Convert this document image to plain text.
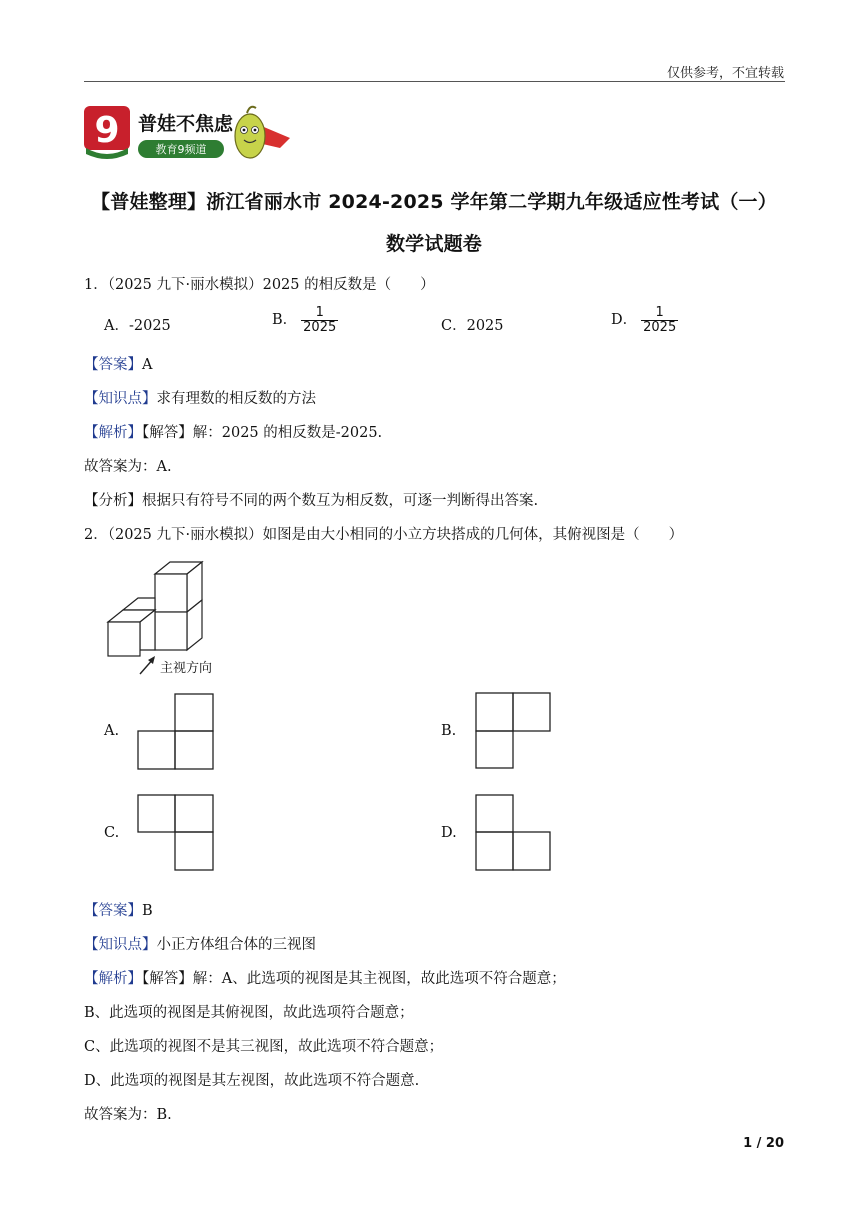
仅供参考，不宜转载
9 普娃不焦虑
教育9频道
【普娃整理】浙江省丽水市 2024-2025 学年第二学期九年级适应性考试（一）
数学试题卷
1．（2025 九下·丽水模拟）2025 的相反数是（　　）
A．-2025	B． $\frac{1}{2025}$	C．2025	D． $\frac{1}{2025}$
【答案】A
【知识点】求有理数的相反数的方法
【解析】【解答】解：2025 的相反数是-2025.
故答案为：A.
【分析】根据只有符号不同的两个数互为相反数，可逐一判断得出答案.
2．（2025 九下·丽水模拟）如图是由大小相同的小立方块搭成的几何体，其俯视图是（　　）
主视方向
A.	B.
C.	D.
【答案】B
【知识点】小正方体组合体的三视图
【解析】【解答】解：A、此选项的视图是其主视图，故此选项不符合题意；
B、此选项的视图是其俯视图，故此选项符合题意；
C、此选项的视图不是其三视图，故此选项不符合题意；
D、此选项的视图是其左视图，故此选项不符合题意.
故答案为：B.
1 / 20
